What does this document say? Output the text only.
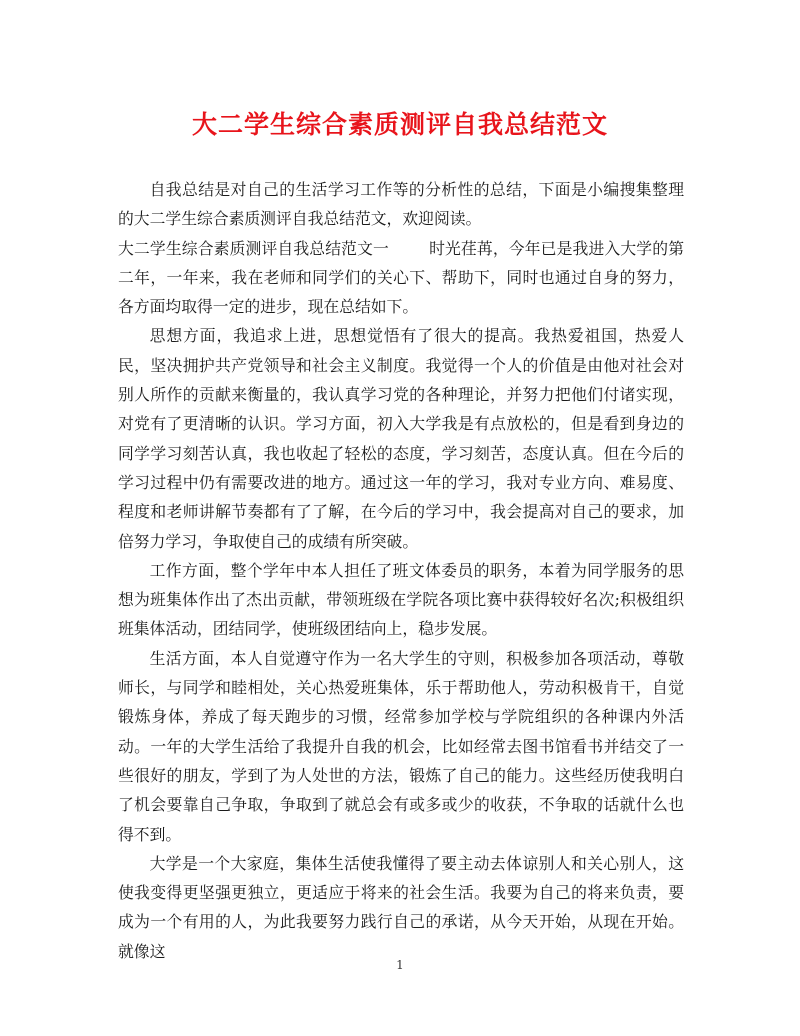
大二学生综合素质测评自我总结范文

自我总结是对自己的生活学习工作等的分析性的总结，下面是小编搜集整理的大二学生综合素质测评自我总结范文，欢迎阅读。

大二学生综合素质测评自我总结范文一	时光荏苒，今年已是我进入大学的第二年，一年来，我在老师和同学们的关心下、帮助下，同时也通过自身的努力，各方面均取得一定的进步，现在总结如下。

思想方面，我追求上进，思想觉悟有了很大的提高。我热爱祖国，热爱人民，坚决拥护共产党领导和社会主义制度。我觉得一个人的价值是由他对社会对别人所作的贡献来衡量的，我认真学习党的各种理论，并努力把他们付诸实现，对党有了更清晰的认识。学习方面，初入大学我是有点放松的，但是看到身边的同学学习刻苦认真，我也收起了轻松的态度，学习刻苦，态度认真。但在今后的学习过程中仍有需要改进的地方。通过这一年的学习，我对专业方向、难易度、程度和老师讲解节奏都有了了解，在今后的学习中，我会提高对自己的要求，加倍努力学习，争取使自己的成绩有所突破。

工作方面，整个学年中本人担任了班文体委员的职务，本着为同学服务的思想为班集体作出了杰出贡献，带领班级在学院各项比赛中获得较好名次;积极组织班集体活动，团结同学，使班级团结向上，稳步发展。

生活方面，本人自觉遵守作为一名大学生的守则，积极参加各项活动，尊敬师长，与同学和睦相处，关心热爱班集体，乐于帮助他人，劳动积极肯干，自觉锻炼身体，养成了每天跑步的习惯，经常参加学校与学院组织的各种课内外活动。一年的大学生活给了我提升自我的机会，比如经常去图书馆看书并结交了一些很好的朋友，学到了为人处世的方法，锻炼了自己的能力。这些经历使我明白了机会要靠自己争取，争取到了就总会有或多或少的收获，不争取的话就什么也得不到。

大学是一个大家庭，集体生活使我懂得了要主动去体谅别人和关心别人，这使我变得更坚强更独立，更适应于将来的社会生活。我要为自己的将来负责，要成为一个有用的人，为此我要努力践行自己的承诺，从今天开始，从现在开始。就像这

1
